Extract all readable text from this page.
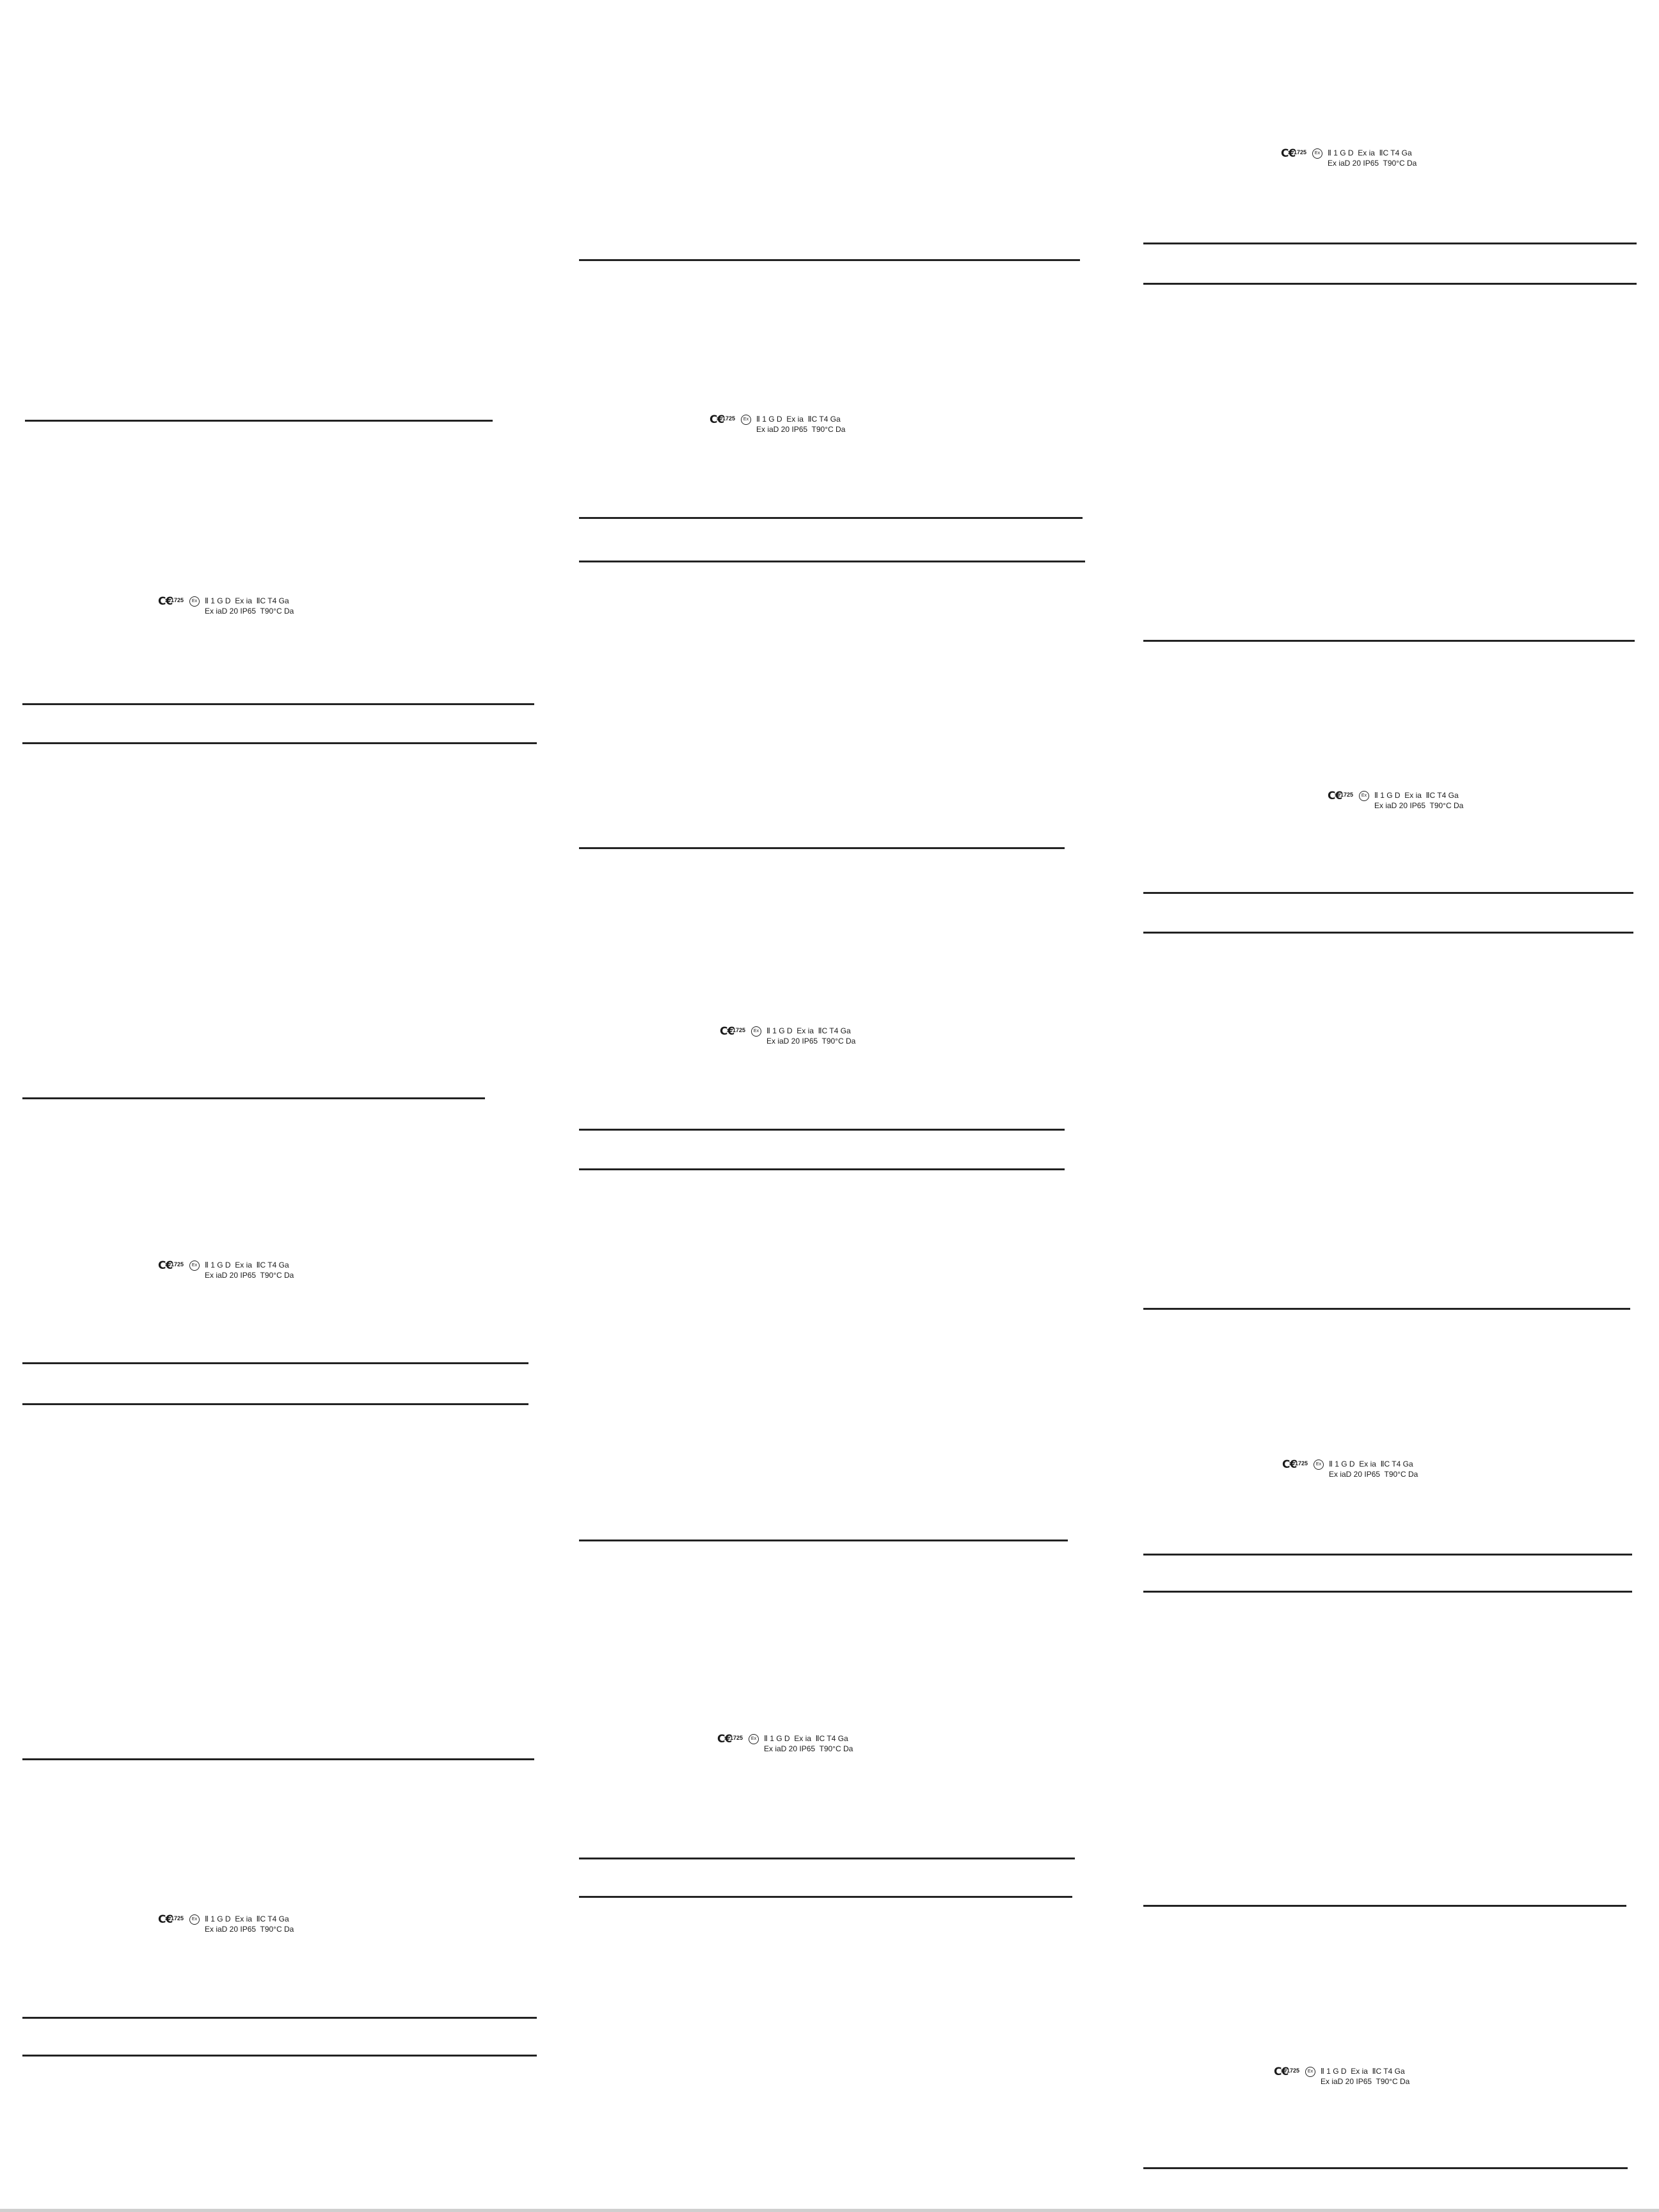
C€
1725	Ex Ⅱ 1 G D  Ex ia  ⅡC T4 Ga
Ex iaD 20 IP65  T90°C Da
C€
1725	Ex Ⅱ 1 G D  Ex ia  ⅡC T4 Ga
Ex iaD 20 IP65  T90°C Da
C€
1725	Ex Ⅱ 1 G D  Ex ia  ⅡC T4 Ga
Ex iaD 20 IP65  T90°C Da
C€
1725	Ex Ⅱ 1 G D  Ex ia  ⅡC T4 Ga
Ex iaD 20 IP65  T90°C Da
C€
1725	Ex Ⅱ 1 G D  Ex ia  ⅡC T4 Ga
Ex iaD 20 IP65  T90°C Da
C€
1725	Ex Ⅱ 1 G D  Ex ia  ⅡC T4 Ga
Ex iaD 20 IP65  T90°C Da
C€
1725	Ex Ⅱ 1 G D  Ex ia  ⅡC T4 Ga
Ex iaD 20 IP65  T90°C Da
C€
1725	Ex Ⅱ 1 G D  Ex ia  ⅡC T4 Ga
Ex iaD 20 IP65  T90°C Da
C€
1725	Ex Ⅱ 1 G D  Ex ia  ⅡC T4 Ga
Ex iaD 20 IP65  T90°C Da
C€
1725	Ex Ⅱ 1 G D  Ex ia  ⅡC T4 Ga
Ex iaD 20 IP65  T90°C Da
